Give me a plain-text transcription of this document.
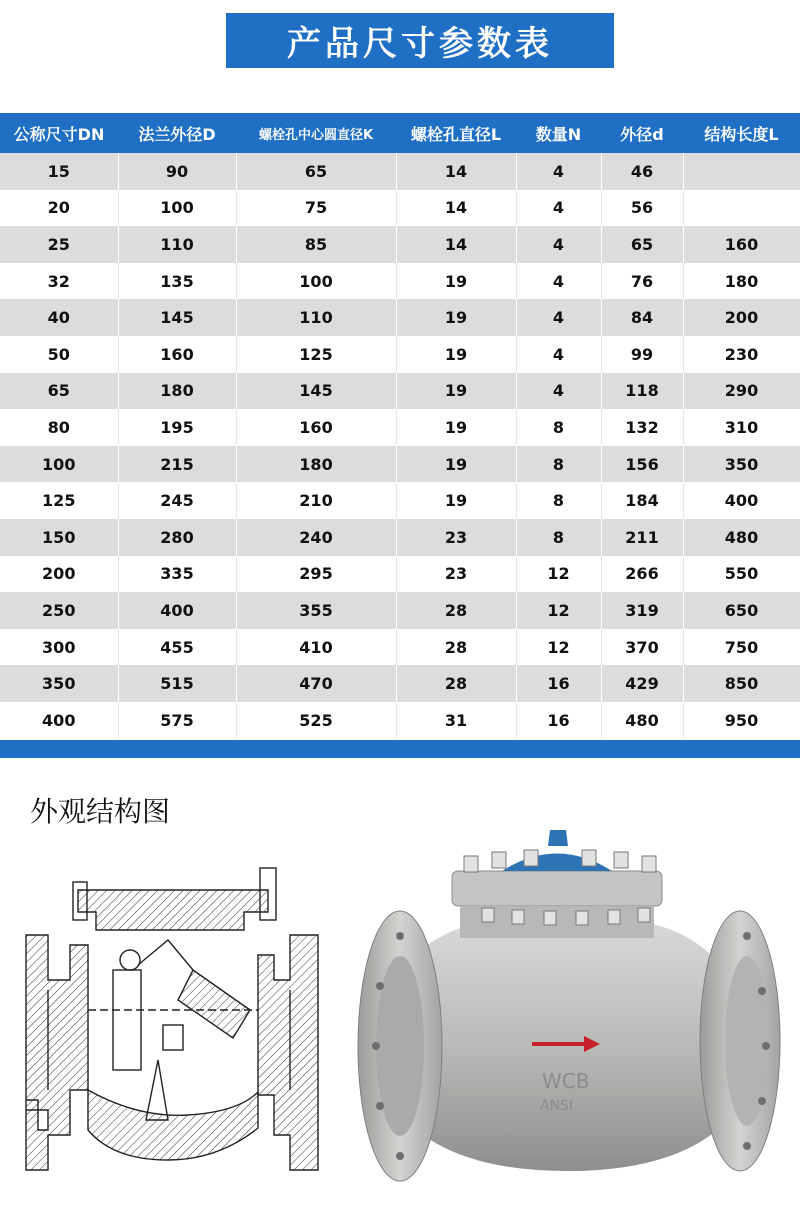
产品尺寸参数表
公称尺寸DN	法兰外径D	螺栓孔中心圆直径K	螺栓孔直径L	数量N	外径d	结构长度L
15	90	65	14	4	46	
20	100	75	14	4	56	
25	110	85	14	4	65	160
32	135	100	19	4	76	180
40	145	110	19	4	84	200
50	160	125	19	4	99	230
65	180	145	19	4	118	290
80	195	160	19	8	132	310
100	215	180	19	8	156	350
125	245	210	19	8	184	400
150	280	240	23	8	211	480
200	335	295	23	12	266	550
250	400	355	28	12	319	650
300	455	410	28	12	370	750
350	515	470	28	16	429	850
400	575	525	31	16	480	950
外观结构图
WCB
ANSI
